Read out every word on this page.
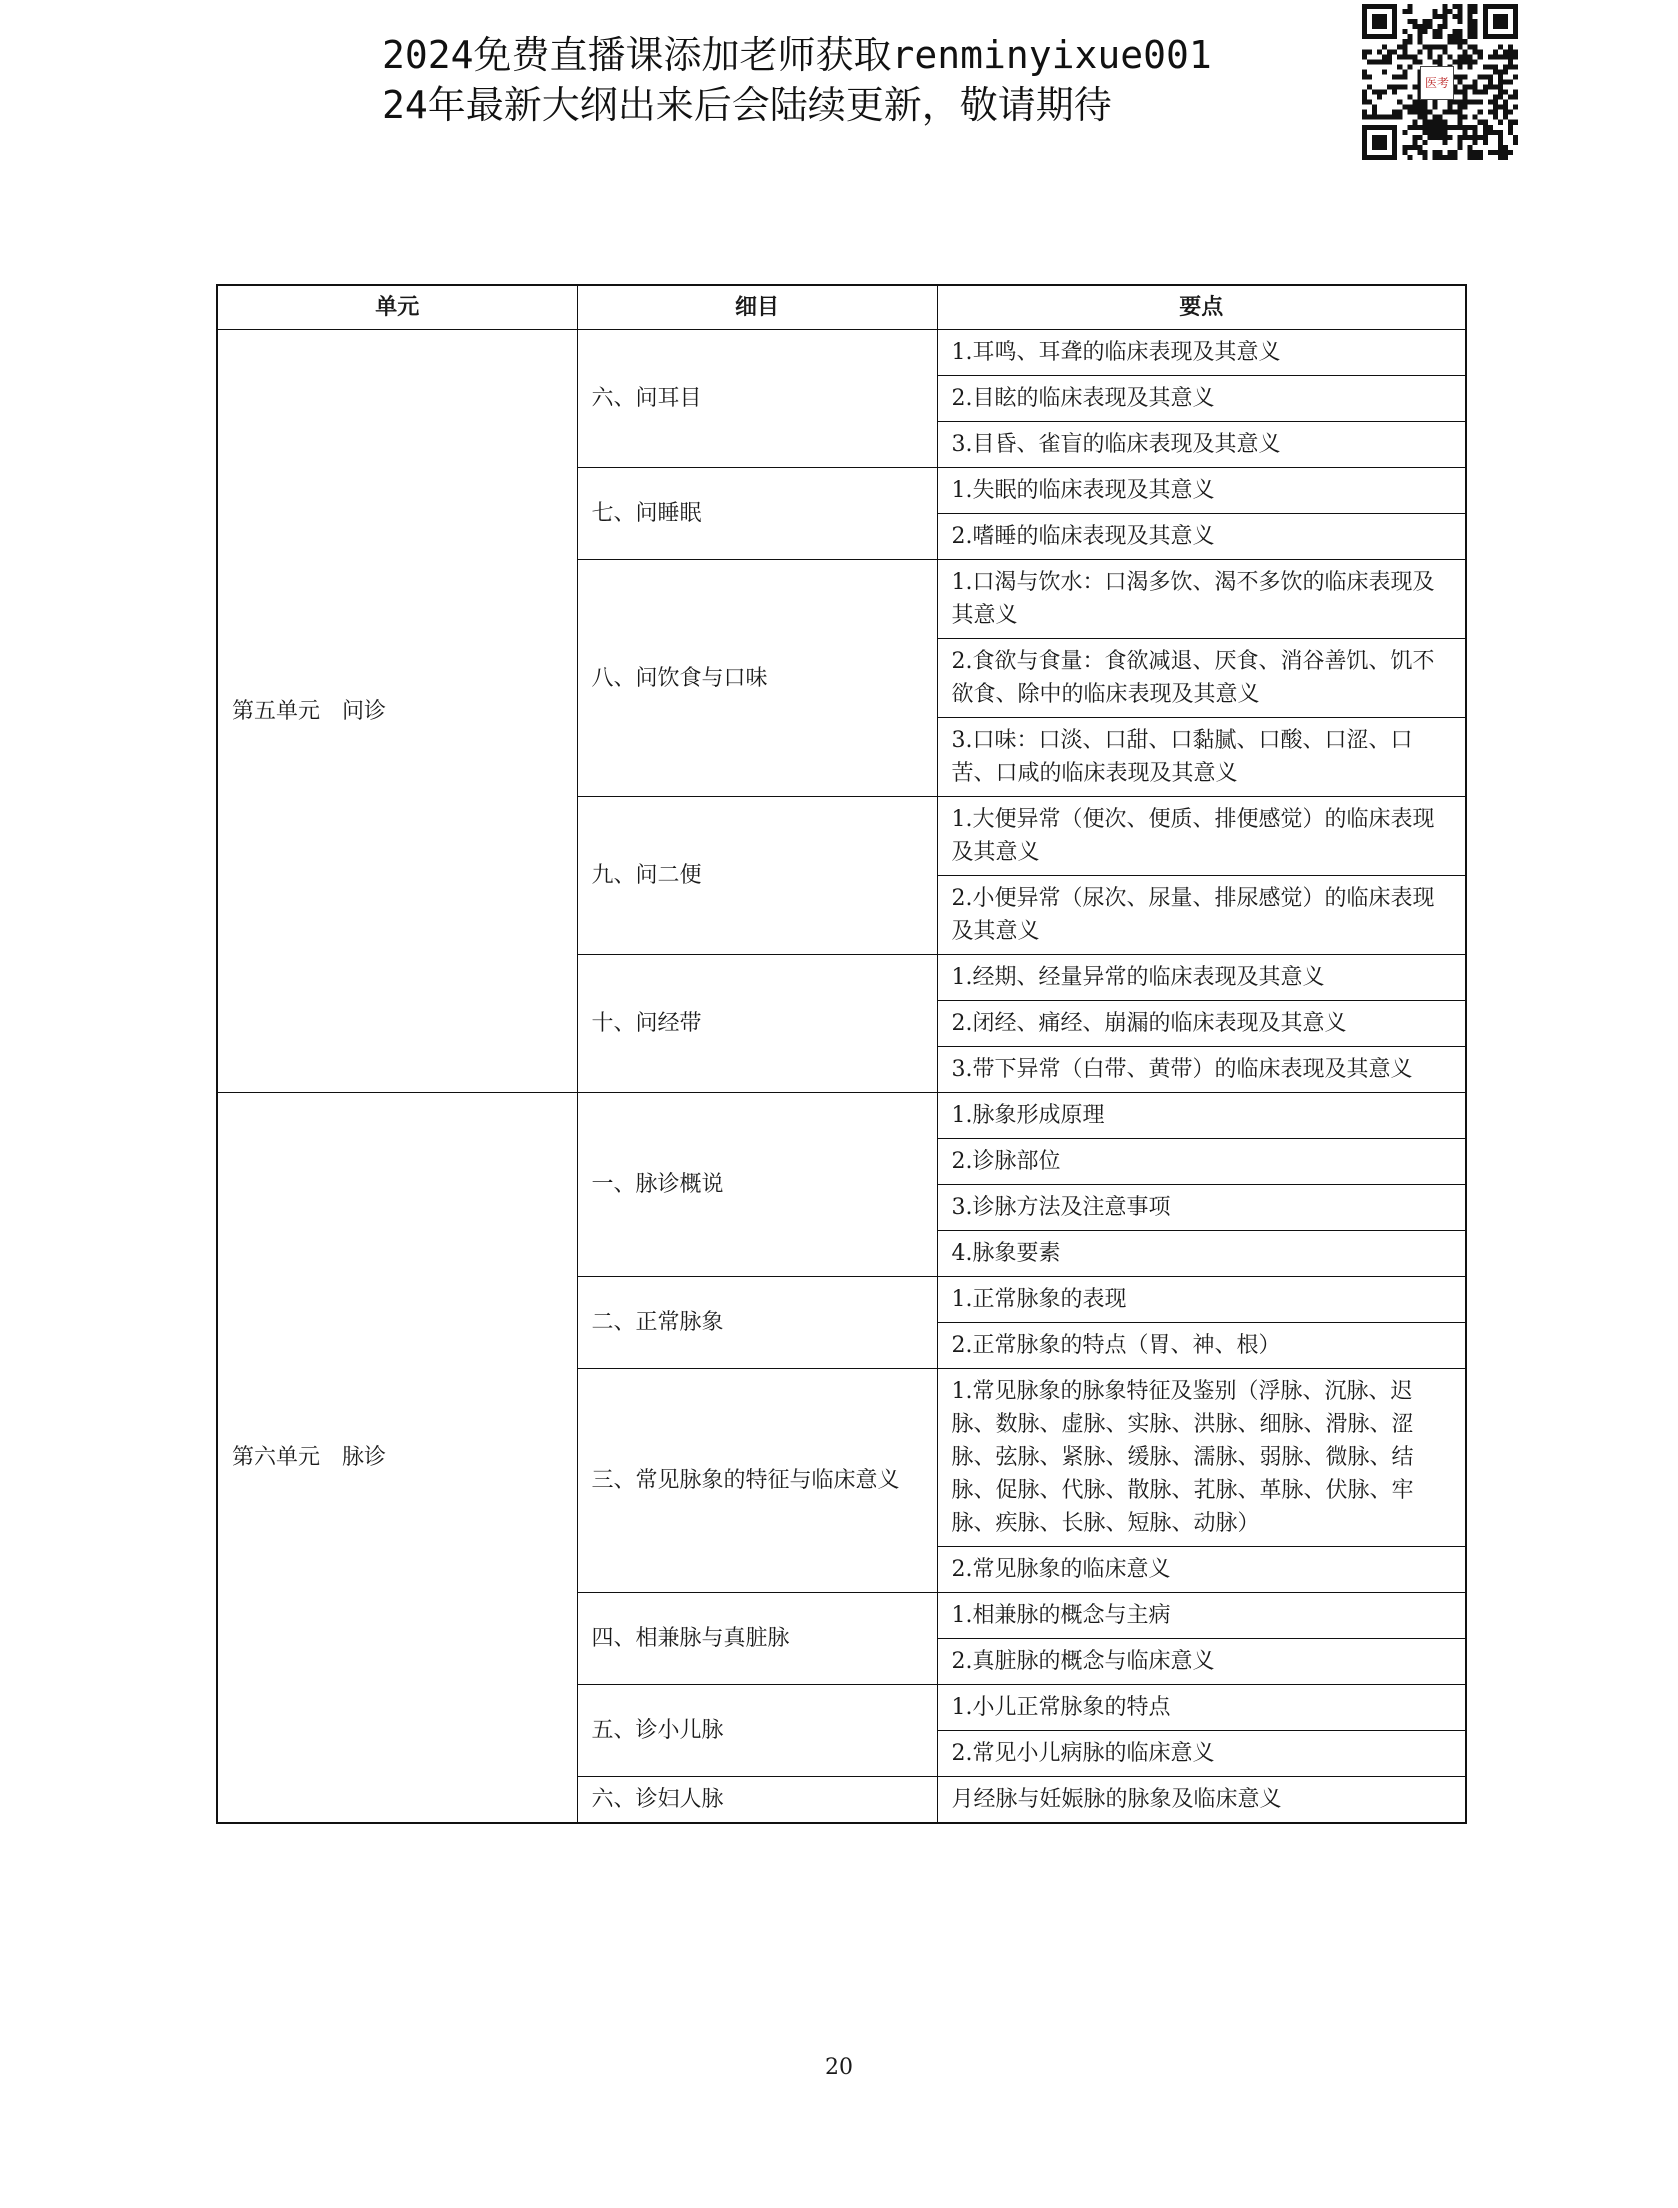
2024免费直播课添加老师获取renminyixue001
24年最新大纲出来后会陆续更新，敬请期待	医考
单元	细目	要点
第五单元　问诊	六、问耳目	1.耳鸣、耳聋的临床表现及其意义
		2.目眩的临床表现及其意义
		3.目昏、雀盲的临床表现及其意义
	七、问睡眠	1.失眠的临床表现及其意义
		2.嗜睡的临床表现及其意义
	八、问饮食与口味	1.口渴与饮水：口渴多饮、渴不多饮的临床表现及其意义
		2.食欲与食量：食欲减退、厌食、消谷善饥、饥不欲食、除中的临床表现及其意义
		3.口味：口淡、口甜、口黏腻、口酸、口涩、口苦、口咸的临床表现及其意义
	九、问二便	1.大便异常（便次、便质、排便感觉）的临床表现及其意义
		2.小便异常（尿次、尿量、排尿感觉）的临床表现及其意义
	十、问经带	1.经期、经量异常的临床表现及其意义
		2.闭经、痛经、崩漏的临床表现及其意义
		3.带下异常（白带、黄带）的临床表现及其意义
第六单元　脉诊	一、脉诊概说	1.脉象形成原理
		2.诊脉部位
		3.诊脉方法及注意事项
		4.脉象要素
	二、正常脉象	1.正常脉象的表现
		2.正常脉象的特点（胃、神、根）
	三、常见脉象的特征与临床意义	1.常见脉象的脉象特征及鉴别（浮脉、沉脉、迟脉、数脉、虚脉、实脉、洪脉、细脉、滑脉、涩脉、弦脉、紧脉、缓脉、濡脉、弱脉、微脉、结脉、促脉、代脉、散脉、芤脉、革脉、伏脉、牢脉、疾脉、长脉、短脉、动脉）
		2.常见脉象的临床意义
	四、相兼脉与真脏脉	1.相兼脉的概念与主病
		2.真脏脉的概念与临床意义
	五、诊小儿脉	1.小儿正常脉象的特点
		2.常见小儿病脉的临床意义
	六、诊妇人脉	月经脉与妊娠脉的脉象及临床意义
20
